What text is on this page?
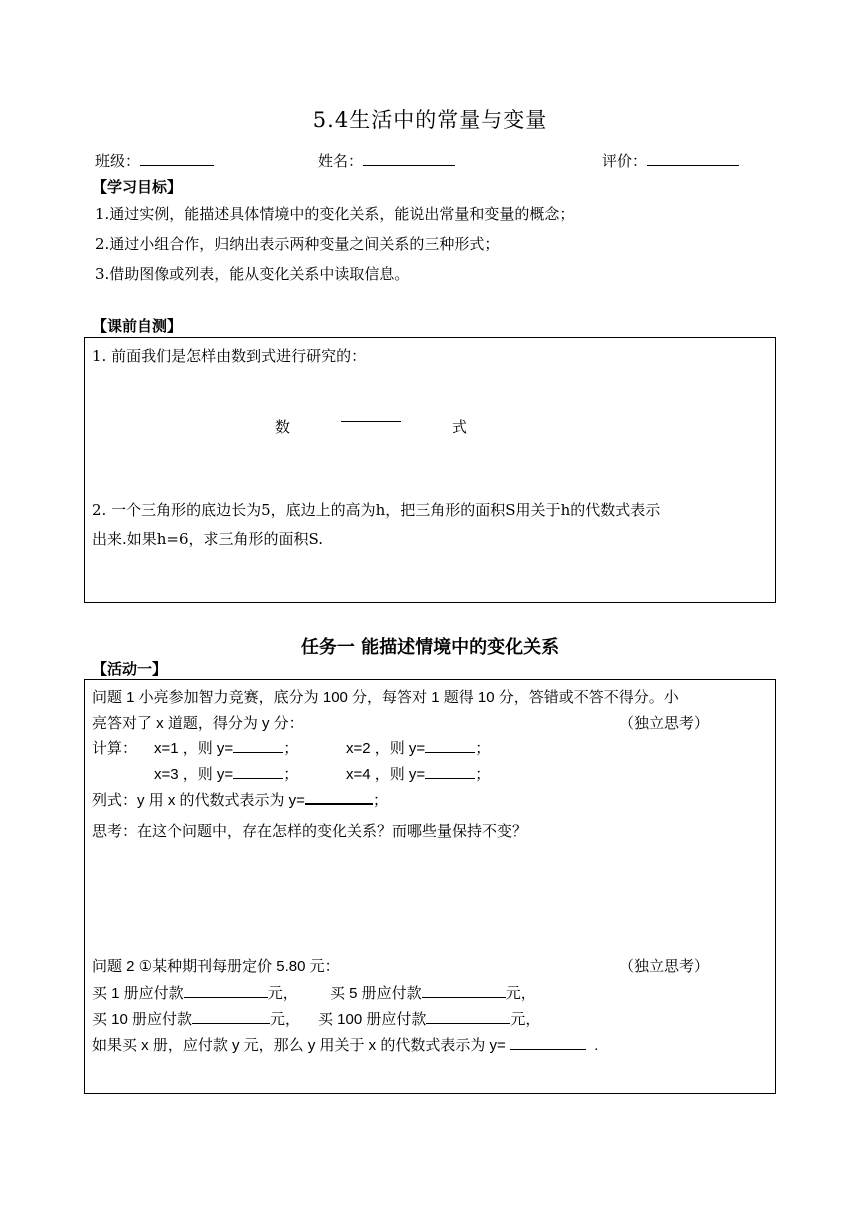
5.4生活中的常量与变量
班级：	姓名：	评价：
【学习目标】
1.通过实例，能描述具体情境中的变化关系，能说出常量和变量的概念；
2.通过小组合作，归纳出表示两种变量之间关系的三种形式；
3.借助图像或列表，能从变化关系中读取信息。
【课前自测】
1. 前面我们是怎样由数到式进行研究的：
数	式
2. 一个三角形的底边长为5，底边上的高为h，把三角形的面积S用关于h的代数式表示
出来.如果h=6，求三角形的面积S.
任务一 能描述情境中的变化关系
【活动一】
问题 1 小亮参加智力竞赛，底分为 100 分，每答对 1 题得 10 分，答错或不答不得分。小
亮答对了 x 道题，得分为 y 分：	（独立思考）
计算： x=1 ，则 y=	；	x=2 ，则 y=	；
x=3 ，则 y=	；	x=4 ，则 y=	；
列式：y 用 x 的代数式表示为 y=	；
思考：在这个问题中，存在怎样的变化关系？而哪些量保持不变？
问题 2 ①某种期刊每册定价 5.80 元：	（独立思考）
买 1 册应付款	元， 买 5 册应付款	元，
买 10 册应付款	元， 买 100 册应付款	元，
如果买 x 册，应付款 y 元，那么 y 用关于 x 的代数式表示为 y=	.
